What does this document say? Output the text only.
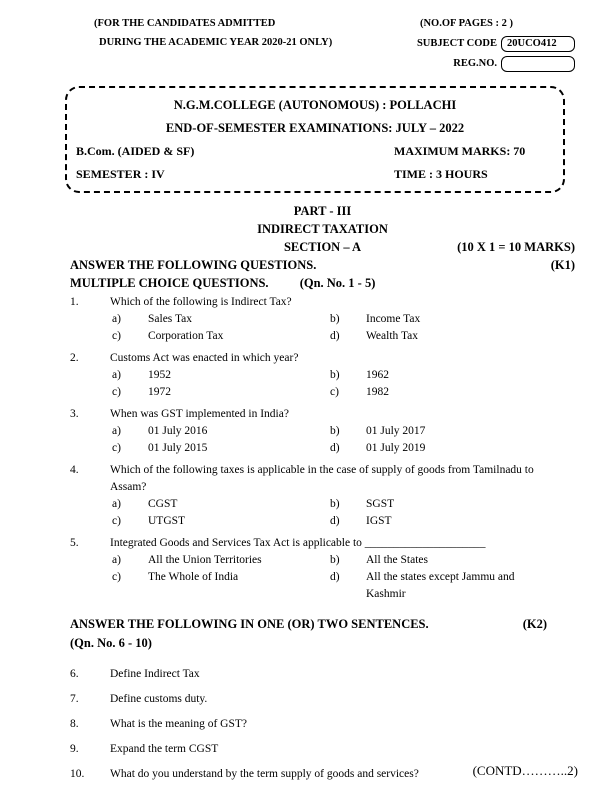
(FOR THE CANDIDATES ADMITTED
DURING THE ACADEMIC YEAR 2020-21 ONLY)
(NO.OF PAGES : 2 )
SUBJECT CODE 20UCO412
REG.NO.
N.G.M.COLLEGE (AUTONOMOUS) : POLLACHI
END-OF-SEMESTER EXAMINATIONS: JULY – 2022
B.Com. (AIDED & SF)	MAXIMUM MARKS: 70
SEMESTER : IV	TIME : 3 HOURS
PART - III
INDIRECT TAXATION
SECTION – A	(10 X 1 = 10 MARKS)
ANSWER THE FOLLOWING QUESTIONS.	(K1)
MULTIPLE CHOICE QUESTIONS. (Qn. No. 1 - 5)
1.	Which of the following is Indirect Tax?
a)	Sales Tax	b)	Income Tax
c)	Corporation Tax	d)	Wealth Tax
2.	Customs Act was enacted in which year?
a)	1952	b)	1962
c)	1972	c)	1982
3.	When was GST implemented in India?
a)	01 July 2016	b)	01 July 2017
c)	01 July 2015	d)	01 July 2019
4.	Which of the following taxes is applicable in the case of supply of goods from Tamilnadu to Assam?
a)	CGST	b)	SGST
c)	UTGST	d)	IGST
5.	Integrated Goods and Services Tax Act is applicable to _____________________
a)	All the Union Territories	b)	All the States
c)	The Whole of India	d)	All the states except Jammu and Kashmir
ANSWER THE FOLLOWING IN ONE (OR) TWO SENTENCES.	(K2)
(Qn. No. 6 - 10)
6.	Define Indirect Tax
7.	Define customs duty.
8.	What is the meaning of GST?
9.	Expand the term CGST
10.	What do you understand by the term supply of goods and services?	(CONTD………..2)
